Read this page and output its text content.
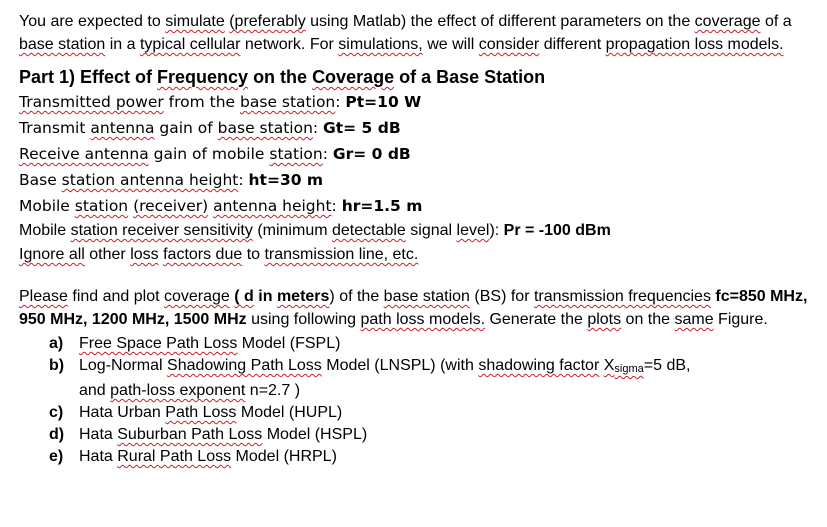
You are expected to simulate (preferably using Matlab) the effect of different parameters on the coverage of a base station in a typical cellular network. For simulations, we will consider different propagation loss models.
Part 1) Effect of Frequency on the Coverage of a Base Station
Transmitted power from the base station: Pt=10 W
Transmit antenna gain of base station: Gt= 5 dB
Receive antenna gain of mobile station: Gr= 0 dB
Base station antenna height: ht=30 m
Mobile station (receiver) antenna height: hr=1.5 m
Mobile station receiver sensitivity (minimum detectable signal level): Pr = -100 dBm
Ignore all other loss factors due to transmission line, etc.
Please find and plot coverage ( d in meters) of the base station (BS) for transmission frequencies fc=850 MHz, 950 MHz, 1200 MHz, 1500 MHz using following path loss models. Generate the plots on the same Figure.
a) Free Space Path Loss Model (FSPL)
b) Log-Normal Shadowing Path Loss Model (LNSPL) (with shadowing factor Xsigma=5 dB,
and path-loss exponent n=2.7 )
c) Hata Urban Path Loss Model (HUPL)
d) Hata Suburban Path Loss Model (HSPL)
e) Hata Rural Path Loss Model (HRPL)
